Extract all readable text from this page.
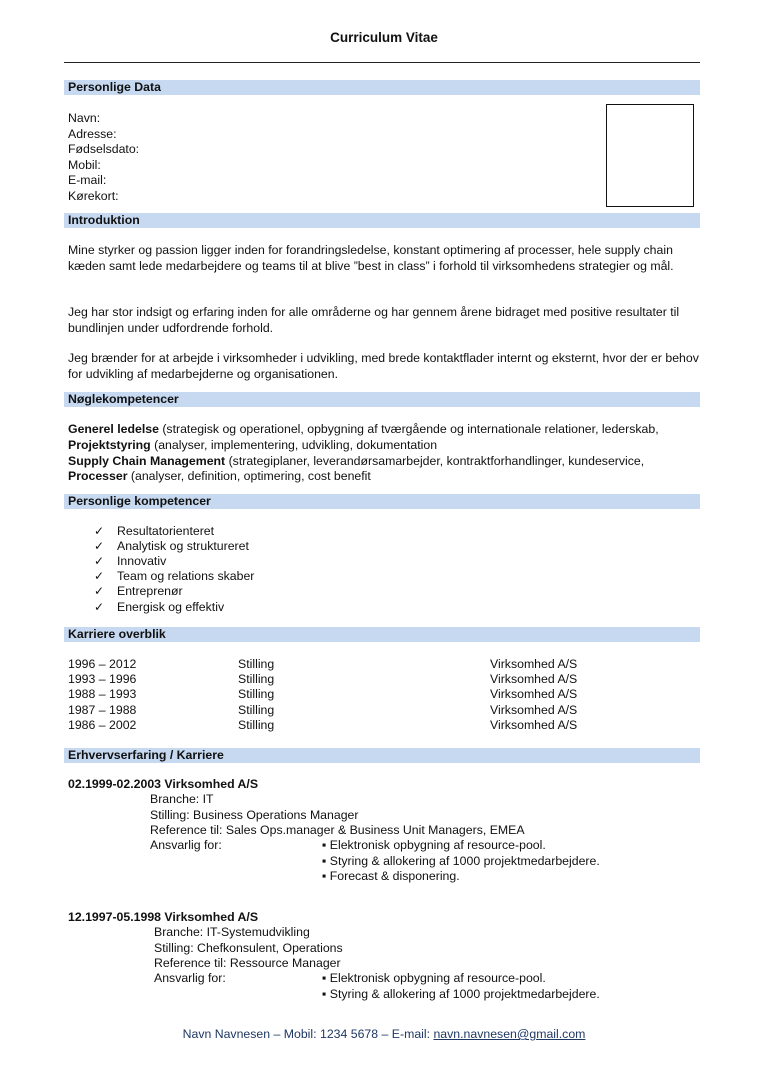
Curriculum Vitae
Personlige Data
Navn:
Adresse:
Fødselsdato:
Mobil:
E-mail:
Kørekort:
Introduktion
Mine styrker og passion ligger inden for forandringsledelse, konstant optimering af processer, hele supply chain kæden samt lede medarbejdere og teams til at blive ”best in class” i forhold til virksomhedens strategier og mål.
Jeg har stor indsigt og erfaring inden for alle områderne og har gennem årene bidraget med positive resultater til bundlinjen under udfordrende forhold.
Jeg brænder for at arbejde i virksomheder i udvikling, med brede kontaktflader internt og eksternt, hvor der er behov for udvikling af medarbejderne og organisationen.
Nøglekompetencer
Generel ledelse (strategisk og operationel, opbygning af tværgående og internationale relationer, lederskab,
Projektstyring (analyser, implementering, udvikling, dokumentation
Supply Chain Management (strategiplaner, leverandørsamarbejder, kontraktforhandlinger, kundeservice,
Processer (analyser, definition, optimering, cost benefit
Personlige kompetencer
✓ Resultatorienteret
✓ Analytisk og struktureret
✓ Innovativ
✓ Team og relations skaber
✓ Entreprenør
✓ Energisk og effektiv
Karriere overblik
1996 – 2012	Stilling	Virksomhed A/S
1993 – 1996	Stilling	Virksomhed A/S
1988 – 1993	Stilling	Virksomhed A/S
1987 – 1988	Stilling	Virksomhed A/S
1986 – 2002	Stilling	Virksomhed A/S
Erhvervserfaring / Karriere
02.1999-02.2003 Virksomhed A/S
Branche: IT
Stilling: Business Operations Manager
Reference til: Sales Ops.manager & Business Unit Managers, EMEA
Ansvarlig for:	▪ Elektronisk opbygning af resource-pool.
▪ Styring & allokering af 1000 projektmedarbejdere.
▪ Forecast & disponering.
12.1997-05.1998 Virksomhed A/S
Branche: IT-Systemudvikling
Stilling: Chefkonsulent, Operations
Reference til: Ressource Manager
Ansvarlig for:	▪ Elektronisk opbygning af resource-pool.
▪ Styring & allokering af 1000 projektmedarbejdere.
Navn Navnesen – Mobil: 1234 5678 – E-mail: navn.navnesen@gmail.com
